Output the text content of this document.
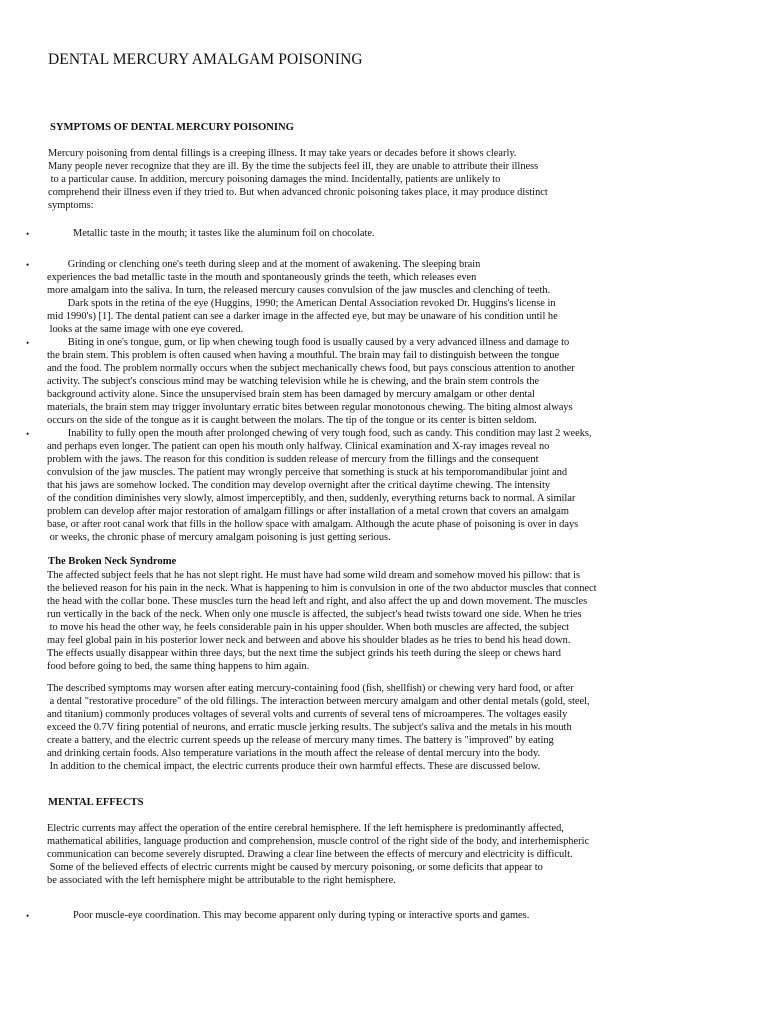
DENTAL MERCURY AMALGAM POISONING
SYMPTOMS OF DENTAL MERCURY POISONING
Mercury poisoning from dental fillings is a creeping illness. It may take years or decades before it shows clearly.
Many people never recognize that they are ill. By the time the subjects feel ill, they are unable to attribute their illness
to a particular cause. In addition, mercury poisoning damages the mind. Incidentally, patients are unlikely to
comprehend their illness even if they tried to. But when advanced chronic poisoning takes place, it may produce distinct
symptoms:
•	Metallic taste in the mouth; it tastes like the aluminum foil on chocolate.
• Grinding or clenching one's teeth during sleep and at the moment of awakening. The sleeping brain
experiences the bad metallic taste in the mouth and spontaneously grinds the teeth, which releases even
more amalgam into the saliva. In turn, the released mercury causes convulsion of the jaw muscles and clenching of teeth.
Dark spots in the retina of the eye (Huggins, 1990; the American Dental Association revoked Dr. Huggins's license in
mid 1990's) [1]. The dental patient can see a darker image in the affected eye, but may be unaware of his condition until he
looks at the same image with one eye covered.
• Biting in one's tongue, gum, or lip when chewing tough food is usually caused by a very advanced illness and damage to
the brain stem. This problem is often caused when having a mouthful. The brain may fail to distinguish between the tongue
and the food. The problem normally occurs when the subject mechanically chews food, but pays conscious attention to another
activity. The subject's conscious mind may be watching television while he is chewing, and the brain stem controls the
background activity alone. Since the unsupervised brain stem has been damaged by mercury amalgam or other dental
materials, the brain stem may trigger involuntary erratic bites between regular monotonous chewing. The biting almost always
occurs on the side of the tongue as it is caught between the molars. The tip of the tongue or its center is bitten seldom.
• Inability to fully open the mouth after prolonged chewing of very tough food, such as candy. This condition may last 2 weeks,
and perhaps even longer. The patient can open his mouth only halfway. Clinical examination and X-ray images reveal no
problem with the jaws. The reason for this condition is sudden release of mercury from the fillings and the consequent
convulsion of the jaw muscles. The patient may wrongly perceive that something is stuck at his temporomandibular joint and
that his jaws are somehow locked. The condition may develop overnight after the critical daytime chewing. The intensity
of the condition diminishes very slowly, almost imperceptibly, and then, suddenly, everything returns back to normal. A similar
problem can develop after major restoration of amalgam fillings or after installation of a metal crown that covers an amalgam
base, or after root canal work that fills in the hollow space with amalgam. Although the acute phase of poisoning is over in days
or weeks, the chronic phase of mercury amalgam poisoning is just getting serious.
The Broken Neck Syndrome
The affected subject feels that he has not slept right. He must have had some wild dream and somehow moved his pillow: that is
the believed reason for his pain in the neck. What is happening to him is convulsion in one of the two abductor muscles that connect
the head with the collar bone. These muscles turn the head left and right, and also affect the up and down movement. The muscles
run vertically in the back of the neck. When only one muscle is affected, the subject's head twists toward one side. When he tries
to move his head the other way, he feels considerable pain in his upper shoulder. When both muscles are affected, the subject
may feel global pain in his posterior lower neck and between and above his shoulder blades as he tries to bend his head down.
The effects usually disappear within three days, but the next time the subject grinds his teeth during the sleep or chews hard
food before going to bed, the same thing happens to him again.
The described symptoms may worsen after eating mercury-containing food (fish, shellfish) or chewing very hard food, or after
a dental "restorative procedure" of the old fillings. The interaction between mercury amalgam and other dental metals (gold, steel,
and titanium) commonly produces voltages of several volts and currents of several tens of microamperes. The voltages easily
exceed the 0.7V firing potential of neurons, and erratic muscle jerking results. The subject's saliva and the metals in his mouth
create a battery, and the electric current speeds up the release of mercury many times. The battery is "improved" by eating
and drinking certain foods. Also temperature variations in the mouth affect the release of dental mercury into the body.
In addition to the chemical impact, the electric currents produce their own harmful effects. These are discussed below.
MENTAL EFFECTS
Electric currents may affect the operation of the entire cerebral hemisphere. If the left hemisphere is predominantly affected,
mathematical abilities, language production and comprehension, muscle control of the right side of the body, and interhemispheric
communication can become severely disrupted. Drawing a clear line between the effects of mercury and electricity is difficult.
Some of the believed effects of electric currents might be caused by mercury poisoning, or some deficits that appear to
be associated with the left hemisphere might be attributable to the right hemisphere.
•	Poor muscle-eye coordination. This may become apparent only during typing or interactive sports and games.
